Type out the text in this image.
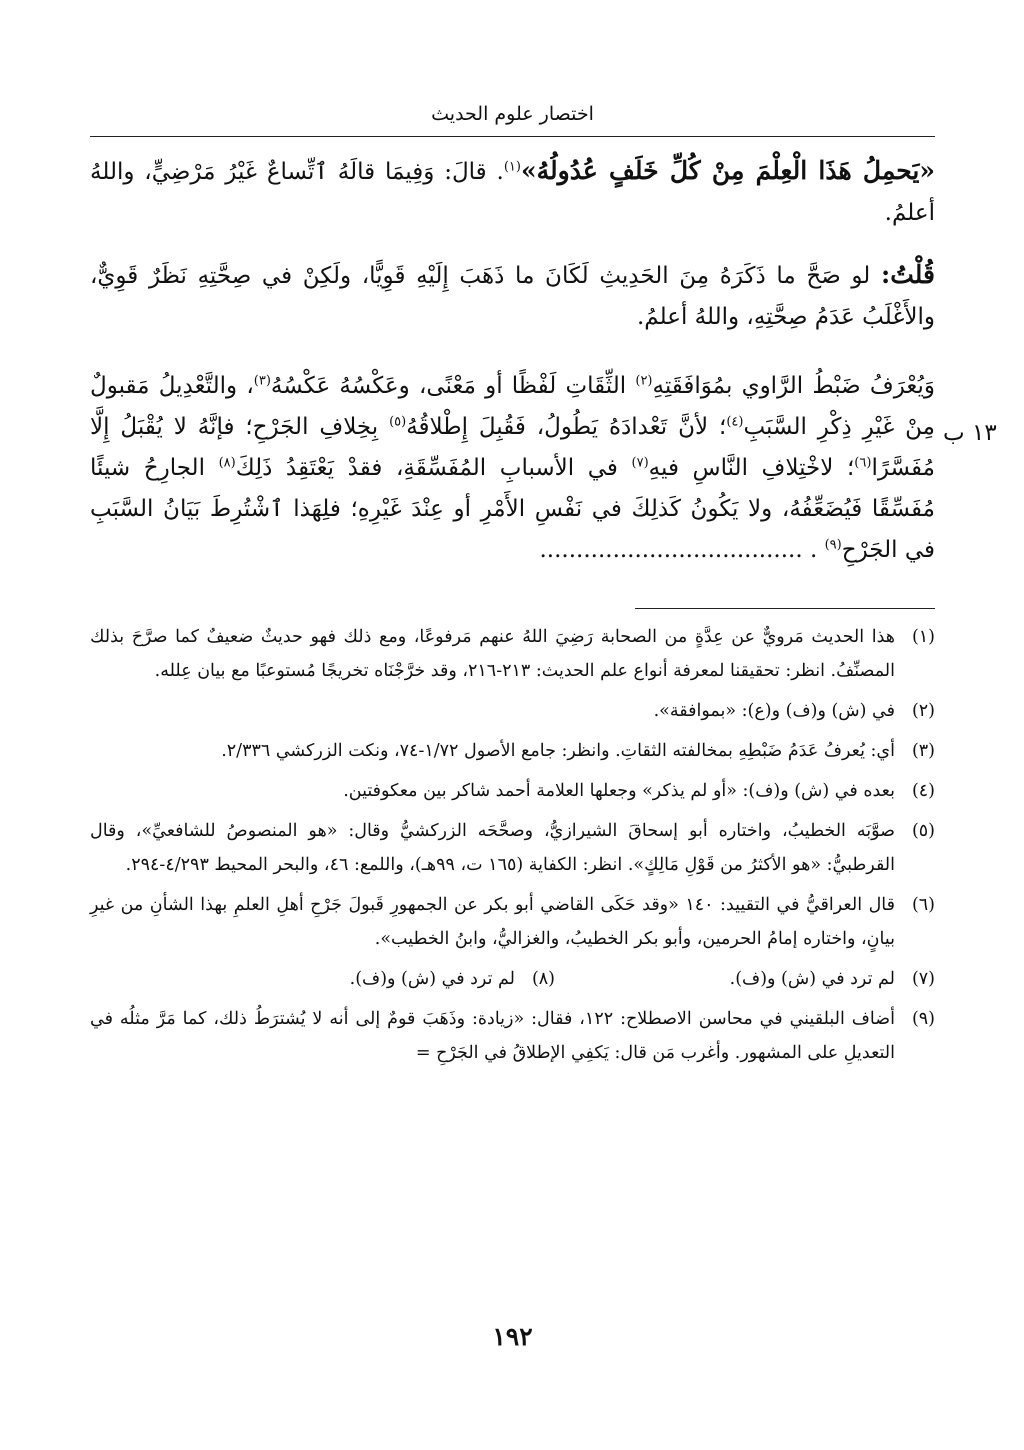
اختصار علوم الحديث

«يَحمِلُ هَذَا الْعِلْمَ مِنْ كُلِّ خَلَفٍ عُدُولُهُ»$^{(١)}$. قالَ: وَفِيمَا قالَهُ ٱتِّساعٌ غَيْرُ مَرْضِيٍّ، واللهُ أعلمُ.

قُلْتُ: لو صَحَّ ما ذَكَرَهُ مِنَ الحَدِيثِ لَكَانَ ما ذَهَبَ إِلَيْهِ قَوِيًّا، ولَكِنْ في صِحَّتِهِ نَظَرٌ قَوِيٌّ، والأَغْلَبُ عَدَمُ صِحَّتِهِ، واللهُ أعلمُ.

وَيُعْرَفُ ضَبْطُ الرَّاوي بمُوَافَقَتِهِ$^{(٢)}$ الثِّقَاتِ لَفْظًا أو مَعْنًى، وعَكْسُهُ عَكْسُهُ$^{(٣)}$، والتَّعْدِيلُ مَقبولٌ مِنْ غَيْرِ ذِكْرِ السَّبَبِ$^{(٤)}$؛ لأنَّ تَعْدادَهُ يَطُولُ، فَقُبِلَ إِطْلاقُهُ$^{(٥)}$ بِخِلافِ الجَرْحِ؛ فإنَّهُ لا يُقْبَلُ إِلَّا مُفَسَّرًا$^{(٦)}$؛ لاخْتِلافِ النَّاسِ فيهِ$^{(٧)}$ في الأسبابِ المُفَسِّقَةِ، فقدْ يَعْتَقِدُ ذَلِكَ$^{(٨)}$ الجارِحُ شيئًا مُفَسِّقًا فَيُضَعِّفُهُ، ولا يَكُونُ كَذلِكَ في نَفْسِ الأَمْرِ أو عِنْدَ غَيْرِهِ؛ فلِهَذا ٱشْتُرِطَ بَيَانُ السَّبَبِ في الجَرْحِ$^{(٩)}$ . ....................................

(١)
هذا الحديث مَرويٌّ عن عِدَّةٍ من الصحابة رَضِيَ اللهُ عنهم مَرفوعًا، ومع ذلك فهو حديثٌ ضعيفٌ كما صرَّحَ بذلك المصنِّفُ. انظر: تحقيقنا لمعرفة أنواع علم الحديث: ٢١٣-٢١٦، وقد خرَّجْنَاه تخريجًا مُستوعبًا مع بيان عِلله.
(٢)
في (ش) و(ف) و(ع): «بموافقة».
(٣)
أي: يُعرفُ عَدَمُ ضَبْطِهِ بمخالفته الثقاتِ. وانظر: جامع الأصول ١/٧٢-٧٤، ونكت الزركشي ٢/٣٣٦.
(٤)
بعده في (ش) و(ف): «أو لم يذكر» وجعلها العلامة أحمد شاكر بين معكوفتين.
(٥)
صوَّبَه الخطيبُ، واختاره أبو إسحاقَ الشيرازيُّ، وصحَّحَه الزركشيُّ وقال: «هو المنصوصُ للشافعيِّ»، وقال القرطبيُّ: «هو الأكثرُ من قَوْلِ مَالِكٍ». انظر: الكفاية (١٦٥ ت، ٩٩هـ)، واللمع: ٤٦، والبحر المحيط ٤/٢٩٣-٢٩٤.
(٦)
قال العراقيُّ في التقييد: ١٤٠ «وقد حَكَى القاضي أبو بكر عن الجمهورِ قَبولَ جَرْحِ أهلِ العلمِ بهذا الشأنِ من غيرِ بيانٍ، واختاره إمامُ الحرمين، وأبو بكر الخطيبُ، والغزاليُّ، وابنُ الخطيب».
(٧)
لم ترد في (ش) و(ف).
(٨)
لم ترد في (ش) و(ف).
(٩)
أضاف البلقيني في محاسن الاصطلاح: ١٢٢، فقال: «زيادة: وذَهَبَ قومٌ إلى أنه لا يُشترَطُ ذلك، كما مَرَّ مثلُه في التعديلِ على المشهور. وأغرب مَن قال: يَكفِي الإطلاقُ في الجَرْحِ =
١٩٢
١٣ ب
